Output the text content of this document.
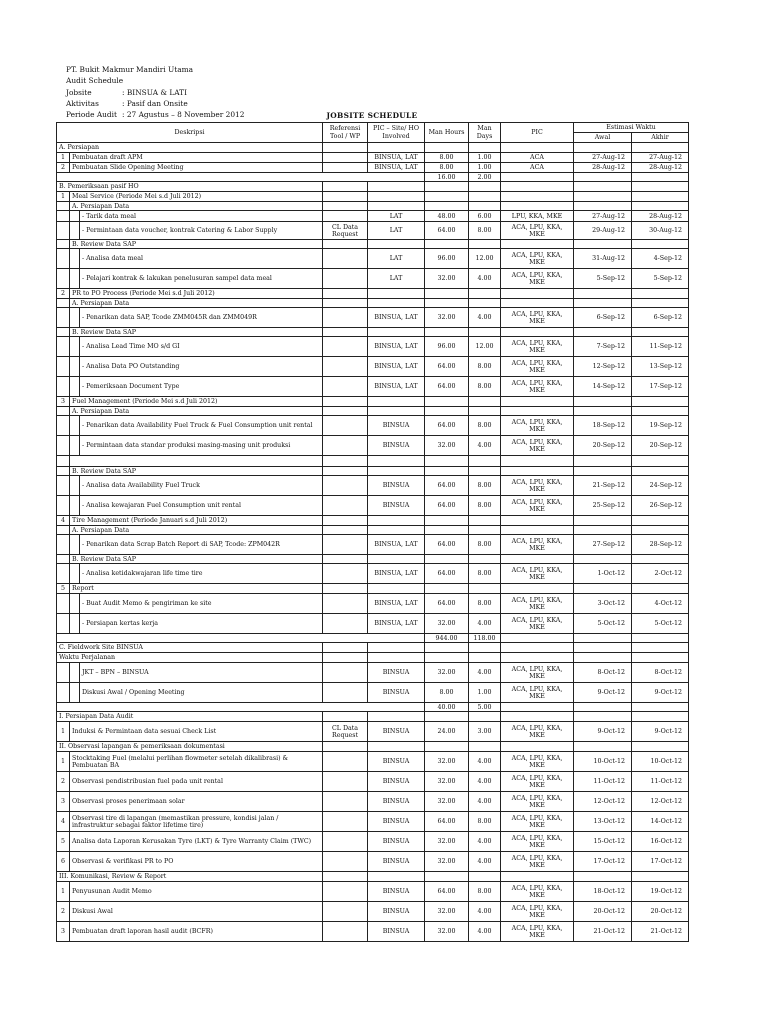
PT. Bukit Makmur Mandiri Utama
Audit Schedule
Jobsite	: BINSUA & LATI
Aktivitas	: Pasif dan Onsite
Periode Audit : 27 Agustus – 8 November 2012	JOBSITE SCHEDULE
Deskripsi			Referensi Tool / WP	PIC – Site/ HO Involved	Man Hours	Man Days	PIC	Estimasi Waktu	
								Awal	Akhir
A. Persiapan									
1	Pembuatan draft APM			BINSUA, LAT	8.00	1.00	ACA	27-Aug-12	27-Aug-12
2	Pembuatan Slide Opening Meeting			BINSUA, LAT	8.00	1.00	ACA	28-Aug-12	28-Aug-12
					16.00	2.00			
B. Pemeriksaan pasif HO									
1	Meal Service (Periode Mei s.d Juli 2012)								
	A. Persiapan Data								
		- Tarik data meal		LAT	48.00	6.00	LPU, KKA, MKE	27-Aug-12	28-Aug-12
		- Permintaan data voucher, kontrak Catering & Labor Supply	CL Data Request	LAT	64.00	8.00	ACA, LPU, KKA, MKE	29-Aug-12	30-Aug-12
	B. Review Data SAP								
		- Analisa data meal		LAT	96.00	12.00	ACA, LPU, KKA, MKE	31-Aug-12	4-Sep-12
		- Pelajari kontrak & lakukan penelusuran sampel data meal		LAT	32.00	4.00	ACA, LPU, KKA, MKE	5-Sep-12	5-Sep-12
2	PR to PO Process (Periode Mei s.d Juli 2012)								
	A. Persiapan Data								
		- Penarikan data SAP, Tcode ZMM045R dan ZMM049R		BINSUA, LAT	32.00	4.00	ACA, LPU, KKA, MKE	6-Sep-12	6-Sep-12
	B. Review Data SAP								
		- Analisa Lead Time MO s/d GI		BINSUA, LAT	96.00	12.00	ACA, LPU, KKA, MKE	7-Sep-12	11-Sep-12
		- Analisa Data PO Outstanding		BINSUA, LAT	64.00	8.00	ACA, LPU, KKA, MKE	12-Sep-12	13-Sep-12
		- Pemeriksaan Document Type		BINSUA, LAT	64.00	8.00	ACA, LPU, KKA, MKE	14-Sep-12	17-Sep-12
3	Fuel Management (Periode Mei s.d Juli 2012)								
	A. Persiapan Data								
		- Penarikan data Availability Fuel Truck & Fuel Consumption unit rental		BINSUA	64.00	8.00	ACA, LPU, KKA, MKE	18-Sep-12	19-Sep-12
		- Permintaan data standar produksi masing-masing unit produksi		BINSUA	32.00	4.00	ACA, LPU, KKA, MKE	20-Sep-12	20-Sep-12

	B. Review Data SAP								
		- Analisa data Availability Fuel Truck		BINSUA	64.00	8.00	ACA, LPU, KKA, MKE	21-Sep-12	24-Sep-12
		- Analisa kewajaran Fuel Consumption unit rental		BINSUA	64.00	8.00	ACA, LPU, KKA, MKE	25-Sep-12	26-Sep-12
4	Tire Management (Periode Januari s.d Juli 2012)								
	A. Persiapan Data								
		- Penarikan data Scrap Batch Report di SAP, Tcode: ZPM042R		BINSUA, LAT	64.00	8.00	ACA, LPU, KKA, MKE	27-Sep-12	28-Sep-12
	B. Review Data SAP								
		- Analisa ketidakwajaran life time tire		BINSUA, LAT	64.00	8.00	ACA, LPU, KKA, MKE	1-Oct-12	2-Oct-12
5	Report								
		- Buat Audit Memo & pengiriman ke site		BINSUA, LAT	64.00	8.00	ACA, LPU, KKA, MKE	3-Oct-12	4-Oct-12
		- Persiapan kertas kerja		BINSUA, LAT	32.00	4.00	ACA, LPU, KKA, MKE	5-Oct-12	5-Oct-12
					944.00	118.00			
C. Fieldwork Site BINSUA									
Waktu Perjalanan									
		JKT – BPN – BINSUA		BINSUA	32.00	4.00	ACA, LPU, KKA, MKE	8-Oct-12	8-Oct-12
		Diskusi Awal / Opening Meeting		BINSUA	8.00	1.00	ACA, LPU, KKA, MKE	9-Oct-12	9-Oct-12
					40.00	5.00			
I. Persiapan Data Audit									
1	Induksi & Permintaan data sesuai Check List		CL Data Request	BINSUA	24.00	3.00	ACA, LPU, KKA, MKE	9-Oct-12	9-Oct-12
II. Observasi lapangan & pemeriksaan dokumentasi									
1	Stocktaking Fuel (melalui perlihan flowmeter setelah dikalibrasi) & Pembuatan BA			BINSUA	32.00	4.00	ACA, LPU, KKA, MKE	10-Oct-12	10-Oct-12
2	Observasi pendistribusian fuel pada unit rental			BINSUA	32.00	4.00	ACA, LPU, KKA, MKE	11-Oct-12	11-Oct-12
3	Observasi proses penerimaan solar			BINSUA	32.00	4.00	ACA, LPU, KKA, MKE	12-Oct-12	12-Oct-12
4	Observasi tire di lapangan (memastikan pressure, kondisi jalan / infrastruktur sebagai faktor lifetime tire)			BINSUA	64.00	8.00	ACA, LPU, KKA, MKE	13-Oct-12	14-Oct-12
5	Analisa data Laporan Kerusakan Tyre (LKT) & Tyre Warranty Claim (TWC)			BINSUA	32.00	4.00	ACA, LPU, KKA, MKE	15-Oct-12	16-Oct-12
6	Observasi & verifikasi PR to PO			BINSUA	32.00	4.00	ACA, LPU, KKA, MKE	17-Oct-12	17-Oct-12
III. Komunikasi, Review & Report									
1	Penyusunan Audit Memo			BINSUA	64.00	8.00	ACA, LPU, KKA, MKE	18-Oct-12	19-Oct-12
2	Diskusi Awal			BINSUA	32.00	4.00	ACA, LPU, KKA, MKE	20-Oct-12	20-Oct-12
3	Pembuatan draft laporan hasil audit (BCFR)			BINSUA	32.00	4.00	ACA, LPU, KKA, MKE	21-Oct-12	21-Oct-12
